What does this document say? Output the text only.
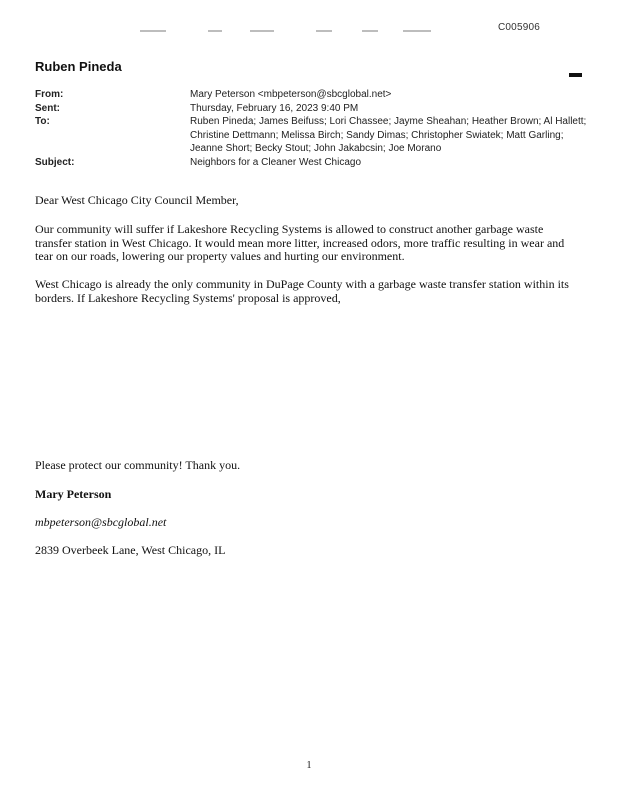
C005906
Ruben Pineda
From:	Mary Peterson <mbpeterson@sbcglobal.net>
Sent:	Thursday, February 16, 2023 9:40 PM
To:	Ruben Pineda; James Beifuss; Lori Chassee; Jayme Sheahan; Heather Brown; Al Hallett;
Christine Dettmann; Melissa Birch; Sandy Dimas; Christopher Swiatek; Matt Garling;
Jeanne Short; Becky Stout; John Jakabcsin; Joe Morano
Subject:	Neighbors for a Cleaner West Chicago
Dear West Chicago City Council Member,
Our community will suffer if Lakeshore Recycling Systems is allowed to construct another garbage waste transfer station in West Chicago. It would mean more litter, increased odors, more traffic resulting in wear and tear on our roads, lowering our property values and hurting our environment.
West Chicago is already the only community in DuPage County with a garbage waste transfer station within its borders. If Lakeshore Recycling Systems' proposal is approved,
Please protect our community! Thank you.
Mary Peterson
mbpeterson@sbcglobal.net
2839 Overbeek Lane, West Chicago, IL
1
